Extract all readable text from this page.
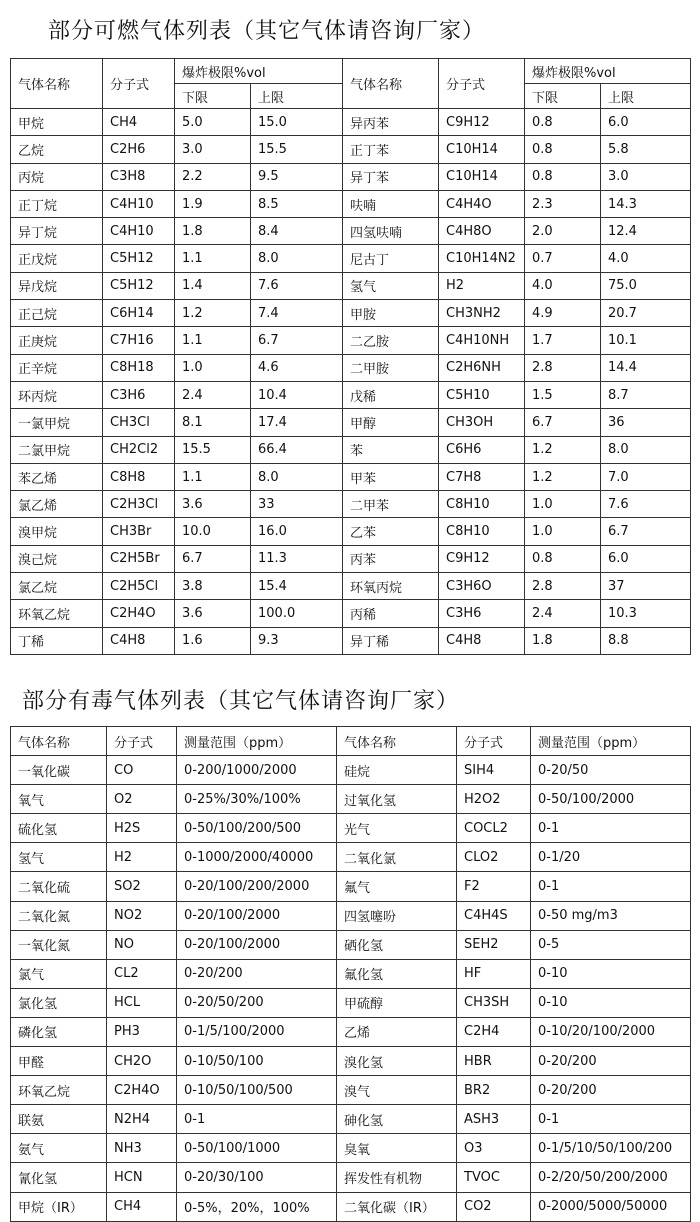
部分可燃气体列表（其它气体请咨询厂家）
气体名称	分子式	爆炸极限%vol		气体名称	分子式	爆炸极限%vol	
		下限	上限			下限	上限
甲烷	CH4	5.0	15.0	异丙苯	C9H12	0.8	6.0
乙烷	C2H6	3.0	15.5	正丁苯	C10H14	0.8	5.8
丙烷	C3H8	2.2	9.5	异丁苯	C10H14	0.8	3.0
正丁烷	C4H10	1.9	8.5	呋喃	C4H4O	2.3	14.3
异丁烷	C4H10	1.8	8.4	四氢呋喃	C4H8O	2.0	12.4
正戊烷	C5H12	1.1	8.0	尼古丁	C10H14N2	0.7	4.0
异戊烷	C5H12	1.4	7.6	氢气	H2	4.0	75.0
正己烷	C6H14	1.2	7.4	甲胺	CH3NH2	4.9	20.7
正庚烷	C7H16	1.1	6.7	二乙胺	C4H10NH	1.7	10.1
正辛烷	C8H18	1.0	4.6	二甲胺	C2H6NH	2.8	14.4
环丙烷	C3H6	2.4	10.4	戊稀	C5H10	1.5	8.7
一氯甲烷	CH3Cl	8.1	17.4	甲醇	CH3OH	6.7	36
二氯甲烷	CH2Cl2	15.5	66.4	苯	C6H6	1.2	8.0
苯乙烯	C8H8	1.1	8.0	甲苯	C7H8	1.2	7.0
氯乙烯	C2H3Cl	3.6	33	二甲苯	C8H10	1.0	7.6
溴甲烷	CH3Br	10.0	16.0	乙苯	C8H10	1.0	6.7
溴己烷	C2H5Br	6.7	11.3	丙苯	C9H12	0.8	6.0
氯乙烷	C2H5Cl	3.8	15.4	环氧丙烷	C3H6O	2.8	37
环氧乙烷	C2H4O	3.6	100.0	丙稀	C3H6	2.4	10.3
丁稀	C4H8	1.6	9.3	异丁稀	C4H8	1.8	8.8
部分有毒气体列表（其它气体请咨询厂家）
气体名称	分子式	测量范围（ppm）	气体名称	分子式	测量范围（ppm）
一氧化碳	CO	0-200/1000/2000	硅烷	SIH4	0-20/50
氧气	O2	0-25%/30%/100%	过氧化氢	H2O2	0-50/100/2000
硫化氢	H2S	0-50/100/200/500	光气	COCL2	0-1
氢气	H2	0-1000/2000/40000	二氧化氯	CLO2	0-1/20
二氧化硫	SO2	0-20/100/200/2000	氟气	F2	0-1
二氧化氮	NO2	0-20/100/2000	四氢噻吩	C4H4S	0-50 mg/m3
一氧化氮	NO	0-20/100/2000	硒化氢	SEH2	0-5
氯气	CL2	0-20/200	氟化氢	HF	0-10
氯化氢	HCL	0-20/50/200	甲硫醇	CH3SH	0-10
磷化氢	PH3	0-1/5/100/2000	乙烯	C2H4	0-10/20/100/2000
甲醛	CH2O	0-10/50/100	溴化氢	HBR	0-20/200
环氧乙烷	C2H4O	0-10/50/100/500	溴气	BR2	0-20/200
联氨	N2H4	0-1	砷化氢	ASH3	0-1
氨气	NH3	0-50/100/1000	臭氧	O3	0-1/5/10/50/100/200
氰化氢	HCN	0-20/30/100	挥发性有机物	TVOC	0-2/20/50/200/2000
甲烷（IR）	CH4	0-5%，20%，100%	二氧化碳（IR）	CO2	0-2000/5000/50000
